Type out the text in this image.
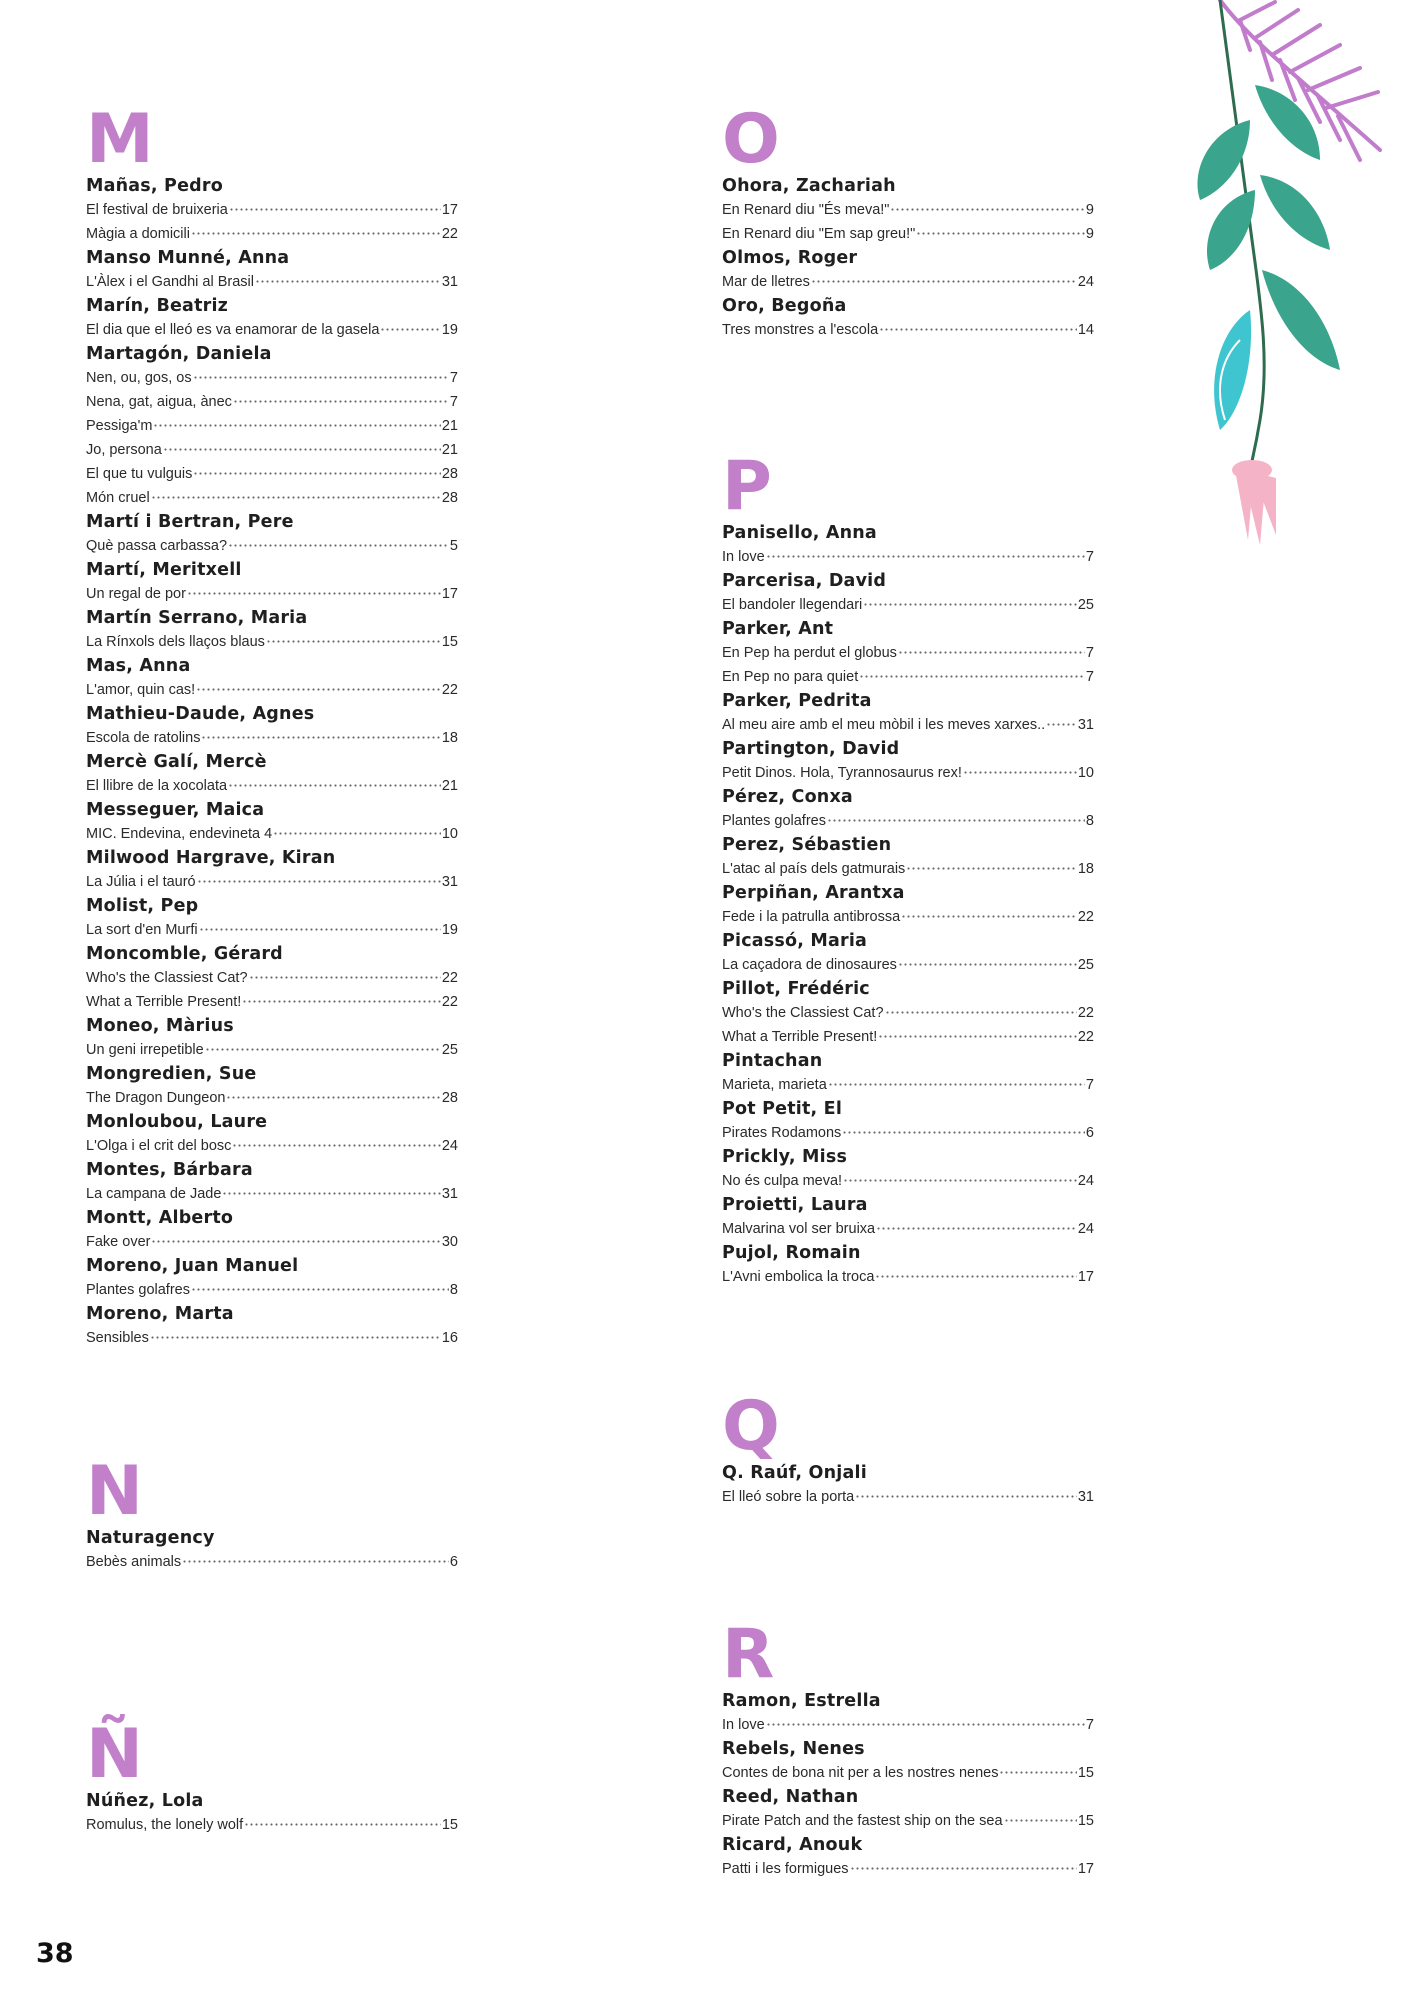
M
Mañas, Pedro
El festival de bruixeria	17
Màgia a domicili	22
Manso Munné, Anna
L'Àlex i el Gandhi al Brasil	31
Marín, Beatriz
El dia que el lleó es va enamorar de la gasela	19
Martagón, Daniela
Nen, ou, gos, os	7
Nena, gat, aigua, ànec	7
Pessiga'm	21
Jo, persona	21
El que tu vulguis	28
Món cruel	28
Martí i Bertran, Pere
Què passa carbassa?	5
Martí, Meritxell
Un regal de por	17
Martín Serrano, Maria
La Rínxols dels llaços blaus	15
Mas, Anna
L'amor, quin cas!	22
Mathieu-Daude, Agnes
Escola de ratolins	18
Mercè Galí, Mercè
El llibre de la xocolata	21
Messeguer, Maica
MIC. Endevina, endevineta 4	10
Milwood Hargrave, Kiran
La Júlia i el tauró	31
Molist, Pep
La sort d'en Murfi	19
Moncomble, Gérard
Who's the Classiest Cat?	22
What a Terrible Present!	22
Moneo, Màrius
Un geni irrepetible	25
Mongredien, Sue
The Dragon Dungeon	28
Monloubou, Laure
L'Olga i el crit del bosc	24
Montes, Bárbara
La campana de Jade	31
Montt, Alberto
Fake over	30
Moreno, Juan Manuel
Plantes golafres	8
Moreno, Marta
Sensibles	16
N
Naturagency
Bebès animals	6
Ñ
Núñez, Lola
Romulus, the lonely wolf	15
O
Ohora, Zachariah
En Renard diu "És meva!"	9
En Renard diu "Em sap greu!"	9
Olmos, Roger
Mar de lletres	24
Oro, Begoña
Tres monstres a l'escola	14
P
Panisello, Anna
In love	7
Parcerisa, David
El bandoler llegendari	25
Parker, Ant
En Pep ha perdut el globus	7
En Pep no para quiet	7
Parker, Pedrita
Al meu aire amb el meu mòbil i les meves xarxes.. 31
Partington, David
Petit Dinos. Hola, Tyrannosaurus rex!	10
Pérez, Conxa
Plantes golafres	8
Perez, Sébastien
L'atac al país dels gatmurais	18
Perpiñan, Arantxa
Fede i la patrulla antibrossa	22
Picassó, Maria
La caçadora de dinosaures	25
Pillot, Frédéric
Who's the Classiest Cat?	22
What a Terrible Present!	22
Pintachan
Marieta, marieta	7
Pot Petit, El
Pirates Rodamons	6
Prickly, Miss
No és culpa meva!	24
Proietti, Laura
Malvarina vol ser bruixa	24
Pujol, Romain
L'Avni embolica la troca	17
Q
Q. Raúf, Onjali
El lleó sobre la porta	31
R
Ramon, Estrella
In love	7
Rebels, Nenes
Contes de bona nit per a les nostres nenes	15
Reed, Nathan
Pirate Patch and the fastest ship on the sea	15
Ricard, Anouk
Patti i les formigues	17
38
